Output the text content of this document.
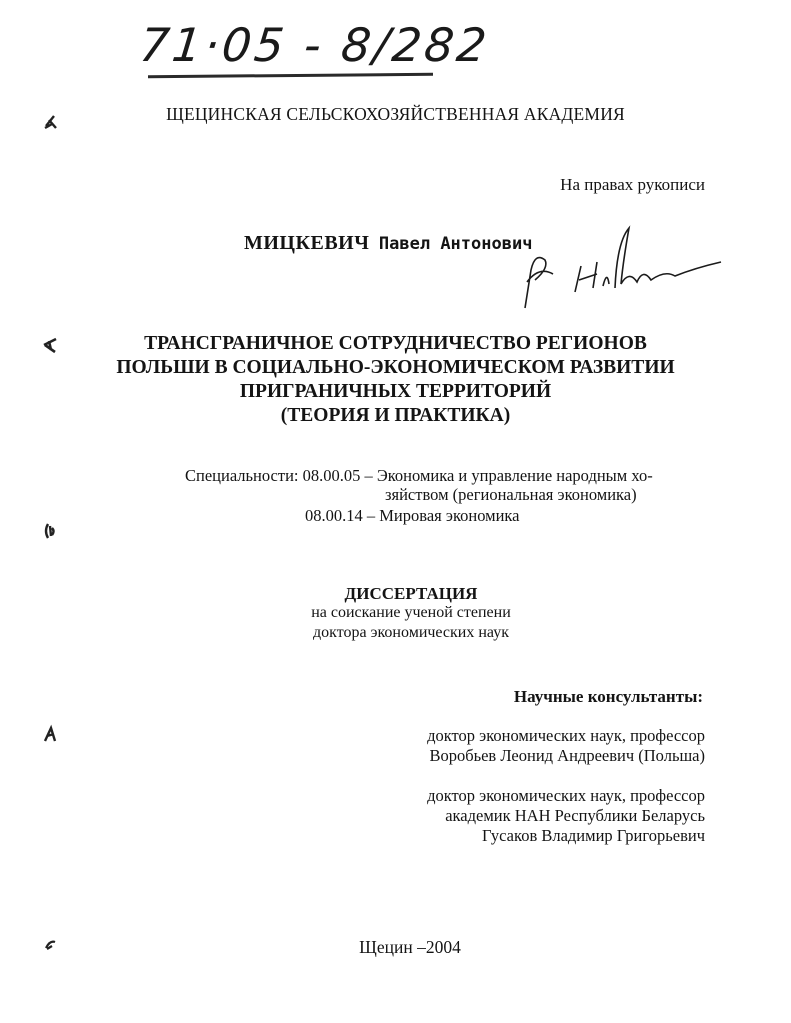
71·05 - 8/282
ЩЕЦИНСКАЯ СЕЛЬСКОХОЗЯЙСТВЕННАЯ АКАДЕМИЯ
На правах рукописи
МИЦКЕВИЧ Павел Антонович
ТРАНСГРАНИЧНОЕ СОТРУДНИЧЕСТВО РЕГИОНОВ
ПОЛЬШИ В СОЦИАЛЬНО-ЭКОНОМИЧЕСКОМ РАЗВИТИИ
ПРИГРАНИЧНЫХ ТЕРРИТОРИЙ
(ТЕОРИЯ И ПРАКТИКА)
Специальности: 08.00.05 – Экономика и управление народным хо-
зяйством (региональная экономика)
08.00.14 – Мировая экономика
ДИССЕРТАЦИЯ
на соискание ученой степени
доктора экономических наук
Научные консультанты:
доктор экономических наук, профессор
Воробьев Леонид Андреевич (Польша)
доктор экономических наук, профессор
академик НАН Республики Беларусь
Гусаков Владимир Григорьевич
Щецин –2004
